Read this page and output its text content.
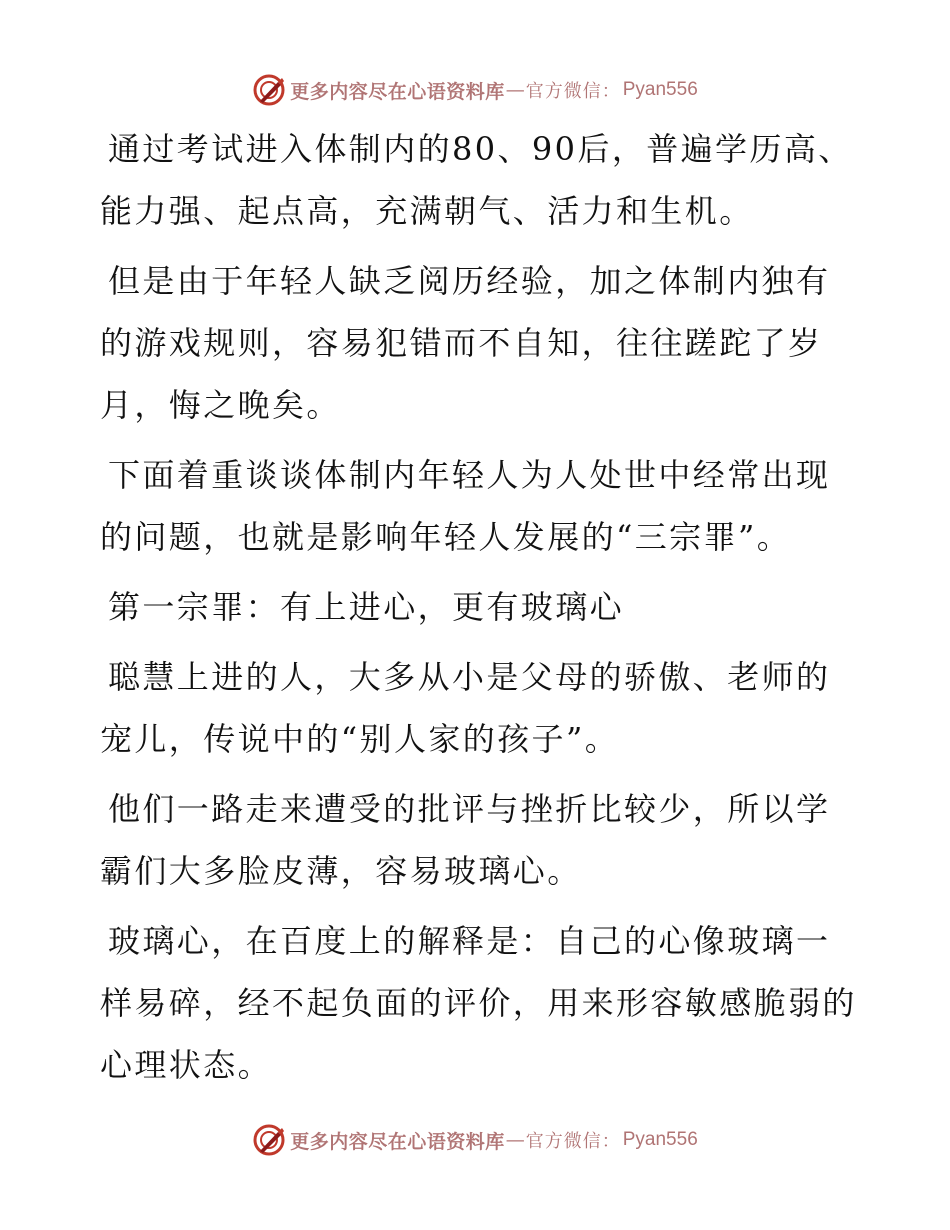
更多内容尽在心语资料库 — 官方微信： Pyan556

通过考试进入体制内的80、90后，普遍学历高、能力强、起点高，充满朝气、活力和生机。

但是由于年轻人缺乏阅历经验，加之体制内独有的游戏规则，容易犯错而不自知，往往蹉跎了岁月，悔之晚矣。

下面着重谈谈体制内年轻人为人处世中经常出现的问题，也就是影响年轻人发展的“三宗罪”。

第一宗罪：有上进心，更有玻璃心

聪慧上进的人，大多从小是父母的骄傲、老师的宠儿，传说中的“别人家的孩子”。

他们一路走来遭受的批评与挫折比较少，所以学霸们大多脸皮薄，容易玻璃心。

玻璃心，在百度上的解释是：自己的心像玻璃一样易碎，经不起负面的评价，用来形容敏感脆弱的心理状态。

更多内容尽在心语资料库 — 官方微信： Pyan556
